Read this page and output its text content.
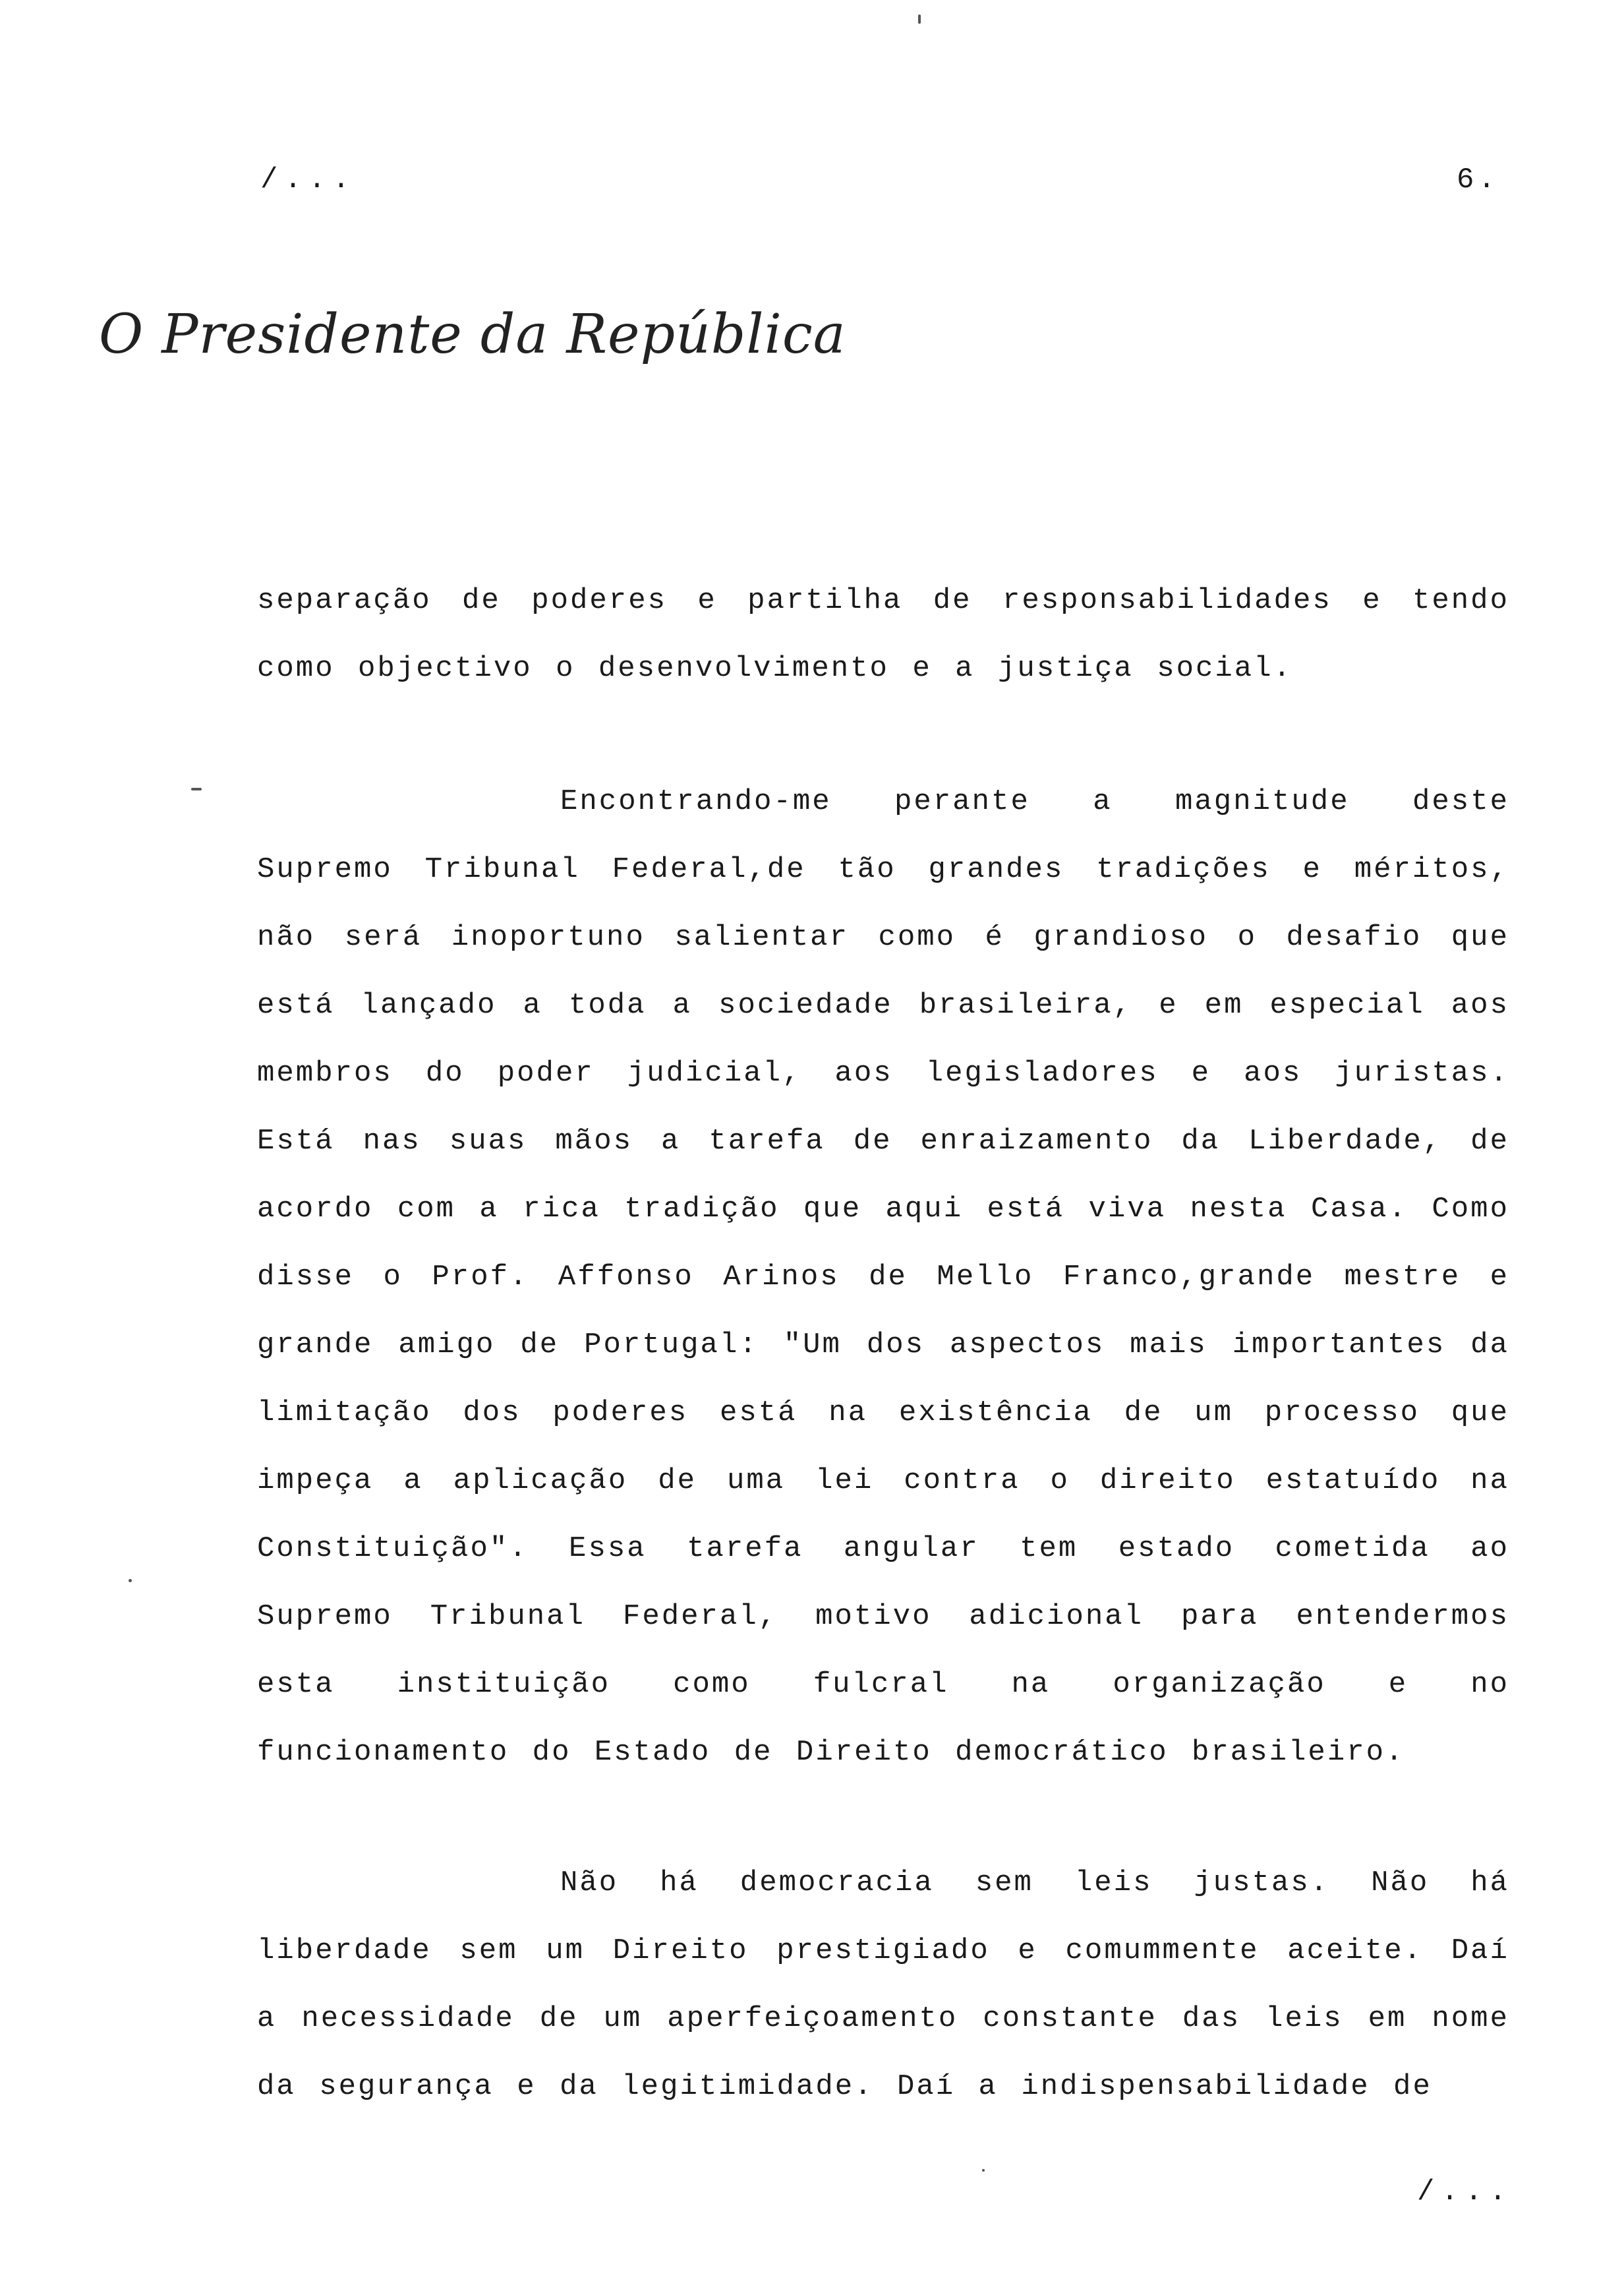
/...	6.
O Presidente da República

separação de poderes e partilha de responsabilidades e tendo como objectivo o desenvolvimento e a justiça social.

Encontrando-me perante a magnitude deste Supremo Tribunal Federal,de tão grandes tradições e méritos, não será inoportuno salientar como é grandioso o desafio que está lançado a toda a sociedade brasileira, e em especial aos membros do poder judicial, aos legisladores e aos juristas. Está nas suas mãos a tarefa de enraizamento da Liberdade, de acordo com a rica tradição que aqui está viva nesta Casa. Como disse o Prof. Affonso Arinos de Mello Franco,grande mestre e grande amigo de Portugal: "Um dos aspectos mais importantes da limitação dos poderes está na existência de um processo que impeça a aplicação de uma lei contra o direito estatuído na Constituição". Essa tarefa angular tem estado cometida ao Supremo Tribunal Federal, motivo adicional para entendermos esta instituição como fulcral na organização e no funcionamento do Estado de Direito democrático brasileiro.

Não há democracia sem leis justas. Não há liberdade sem um Direito prestigiado e comummente aceite. Daí a necessidade de um aperfeiçoamento constante das leis em nome da segurança e da legitimidade. Daí a indispensabilidade de

/...
